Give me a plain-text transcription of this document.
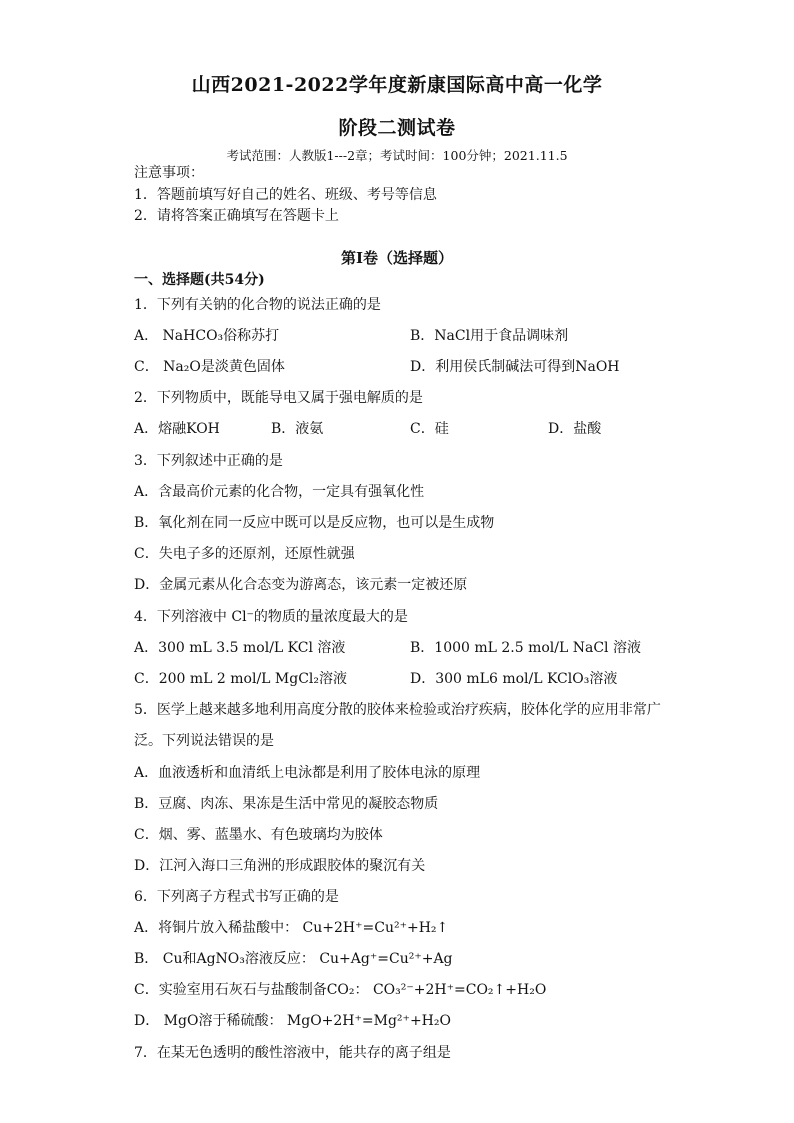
山西2021-2022学年度新康国际高中高一化学
阶段二测试卷
考试范围：人教版1---2章；考试时间：100分钟；2021.11.5
注意事项：
1．答题前填写好自己的姓名、班级、考号等信息
2．请将答案正确填写在答题卡上
第I卷（选择题）
一、选择题(共54分)
1．下列有关钠的化合物的说法正确的是
A． NaHCO₃俗称苏打	B．NaCl用于食品调味剂
C． Na₂O是淡黄色固体	D．利用侯氏制碱法可得到NaOH
2．下列物质中，既能导电又属于强电解质的是
A．熔融KOH	B．液氨	C．硅	D．盐酸
3．下列叙述中正确的是
A．含最高价元素的化合物，一定具有强氧化性
B．氧化剂在同一反应中既可以是反应物，也可以是生成物
C．失电子多的还原剂，还原性就强
D．金属元素从化合态变为游离态，该元素一定被还原
4．下列溶液中 Cl⁻的物质的量浓度最大的是
A．300 mL 3.5 mol/L KCl 溶液	B．1000 mL 2.5 mol/L NaCl 溶液
C．200 mL 2 mol/L MgCl₂溶液	D．300 mL6 mol/L KClO₃溶液
5．医学上越来越多地利用高度分散的胶体来检验或治疗疾病，胶体化学的应用非常广
泛。下列说法错误的是
A．血液透析和血清纸上电泳都是利用了胶体电泳的原理
B．豆腐、肉冻、果冻是生活中常见的凝胶态物质
C．烟、雾、蓝墨水、有色玻璃均为胶体
D．江河入海口三角洲的形成跟胶体的聚沉有关
6．下列离子方程式书写正确的是
A．将铜片放入稀盐酸中： Cu+2H⁺=Cu²⁺+H₂↑
B． Cu和AgNO₃溶液反应： Cu+Ag⁺=Cu²⁺+Ag
C．实验室用石灰石与盐酸制备CO₂： CO₃²⁻+2H⁺=CO₂↑+H₂O
D． MgO溶于稀硫酸： MgO+2H⁺=Mg²⁺+H₂O
7．在某无色透明的酸性溶液中，能共存的离子组是
